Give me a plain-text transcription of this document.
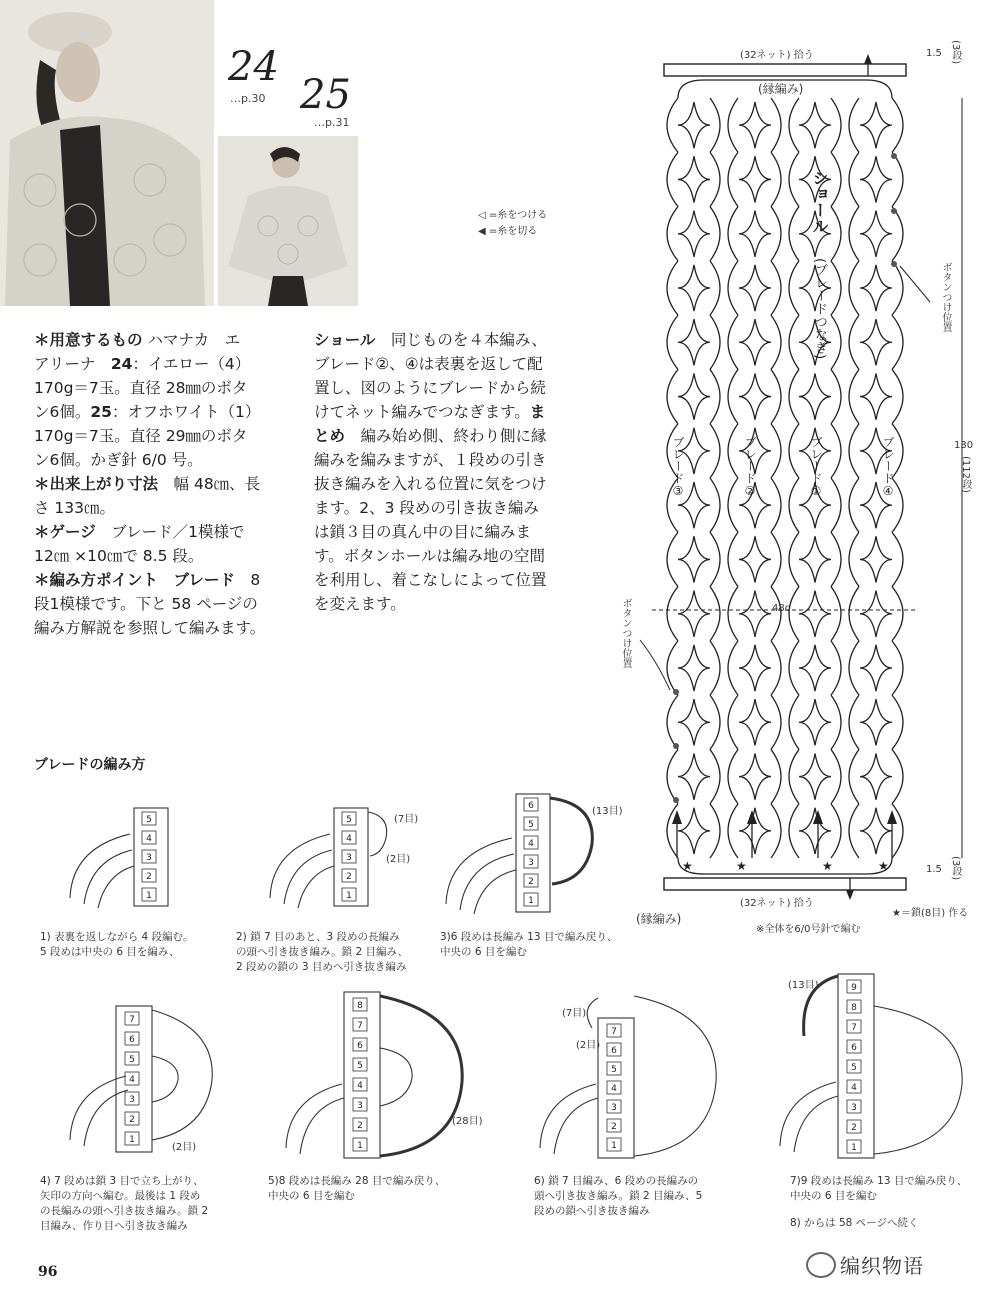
24
…p.30 25
…p.31
◁ =糸をつける
◀ =糸を切る
＊用意するもの ハマナカ　エ
アリーナ　24：イエロー（4）
170g＝7玉。直径 28㎜のボタ
ン6個。25：オフホワイト（1）
170g＝7玉。直径 29㎜のボタ
ン6個。かぎ針 6/0 号。
＊出来上がり寸法　 幅 48㎝、長
さ 133㎝。
＊ゲージ　 ブレード／1模様で
12㎝ ×10㎝で 8.5 段。
＊編み方ポイント　ブレード　 8
段1模様です。下と 58 ページの
編み方解説を参照して編みます。
ショール　 同じものを４本編み、
ブレード②、④は表裏を返して配
置し、図のようにブレードから続
けてネット編みでつなぎます。ま
とめ　編み始め側、終わり側に縁
編みを編みますが、１段めの引き
抜き編みを入れる位置に気をつけ
ます。2、3 段めの引き抜き編み
は鎖３目の真ん中の目に編みま
す。ボタンホールは編み地の空間
を利用し、着こなしによって位置
を変えます。
★	★	★	★
(32ネット) 拾う
(縁編み)
1.5 (3段)
130
(112段)
48c
ショール
(ブレードつなぎ)
ブレード③	ブレード②	ブレード①	ブレード④
ボタンつけ位置
ボタンつけ位置
1.5 (3段)
(32ネット) 拾う
(縁編み)
※全体を6/0号針で編む
★＝鎖(8目) 作る
ブレードの編み方
5
4
3
2
1
5
4
3
2
1
(7目)
(2目)
6
5
4
3
2
1
(13目)
7
6
5
4
3
2
1
(2目)
8
7
6
5
4
3
2
1
(28目)
7
6
5
4
3
2
1
(7目)
(2目)
9
8
7
6
5
4
3
2
1
(13目)
1) 表裏を返しながら 4 段編む。
5 段めは中央の 6 目を編み、
2) 鎖 7 目のあと、3 段めの長編み
の頭へ引き抜き編み。鎖 2 目編み、
2 段めの鎖の 3 目めへ引き抜き編み
3)6 段めは長編み 13 目で編み戻り、
中央の 6 目を編む
4) 7 段めは鎖 3 目で立ち上がり、
矢印の方向へ編む。最後は 1 段め
の長編みの頭へ引き抜き編み。鎖 2
目編み、作り目へ引き抜き編み
5)8 段めは長編み 28 目で編み戻り、
中央の 6 目を編む
6) 鎖 7 目編み、6 段めの長編みの
頭へ引き抜き編み。鎖 2 目編み、5
段めの鎖へ引き抜き編み
7)9 段めは長編み 13 目で編み戻り、
中央の 6 目を編む
8) からは 58 ページへ続く
96	编织物语
